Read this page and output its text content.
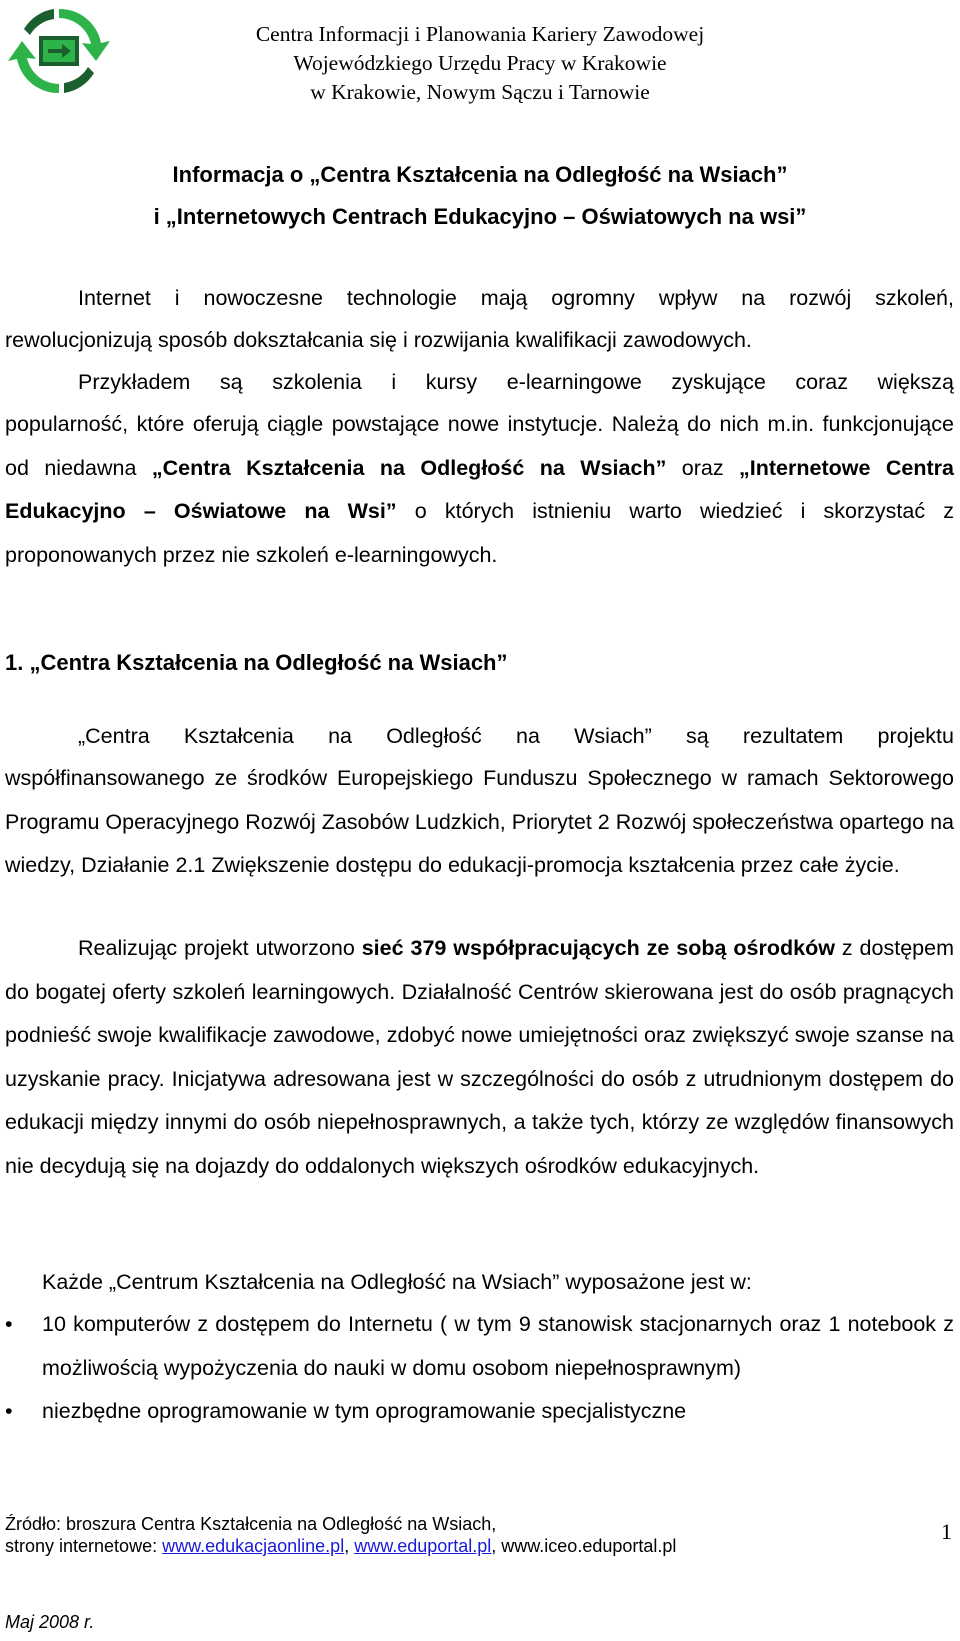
Centra Informacji i Planowania Kariery Zawodowej
Wojewódzkiego Urzędu Pracy w Krakowie
w Krakowie, Nowym Sączu i Tarnowie
Informacja o „Centra Kształcenia na Odległość na Wsiach”
i „Internetowych Centrach Edukacyjno – Oświatowych na wsi”
Internet i nowoczesne technologie mają ogromny wpływ na rozwój szkoleń,
rewolucjonizują sposób dokształcania się i rozwijania kwalifikacji zawodowych.
Przykładem są szkolenia i kursy e-learningowe zyskujące coraz większą
popularność, które oferują ciągle powstające nowe instytucje. Należą do nich m.in. funkcjonujące od niedawna „Centra Kształcenia na Odległość na Wsiach” oraz „Internetowe Centra Edukacyjno – Oświatowe na Wsi” o których istnieniu warto wiedzieć i skorzystać z proponowanych przez nie szkoleń e-learningowych.
1. „Centra Kształcenia na Odległość na Wsiach”
„Centra Kształcenia na Odległość na Wsiach” są rezultatem projektu
współfinansowanego ze środków Europejskiego Funduszu Społecznego w ramach Sektorowego Programu Operacyjnego Rozwój Zasobów Ludzkich, Priorytet 2 Rozwój społeczeństwa opartego na wiedzy, Działanie 2.1 Zwiększenie dostępu do edukacji-promocja kształcenia przez całe życie.
Realizując projekt utworzono sieć 379 współpracujących ze sobą ośrodków z dostępem do bogatej oferty szkoleń learningowych. Działalność Centrów skierowana jest do osób pragnących podnieść swoje kwalifikacje zawodowe, zdobyć nowe umiejętności oraz zwiększyć swoje szanse na uzyskanie pracy. Inicjatywa adresowana jest w szczególności do osób z utrudnionym dostępem do edukacji między innymi do osób niepełnosprawnych, a także tych, którzy ze względów finansowych nie decydują się na dojazdy do oddalonych większych ośrodków edukacyjnych.
Każde „Centrum Kształcenia na Odległość na Wsiach” wyposażone jest w:
• 10 komputerów z dostępem do Internetu ( w tym 9 stanowisk stacjonarnych oraz 1 notebook z możliwością wypożyczenia do nauki w domu osobom niepełnosprawnym)
• niezbędne oprogramowanie w tym oprogramowanie specjalistyczne
Źródło: broszura Centra Kształcenia na Odległość na Wsiach,
strony internetowe: www.edukacjaonline.pl, www.eduportal.pl, www.iceo.eduportal.pl
1
Maj 2008 r.
